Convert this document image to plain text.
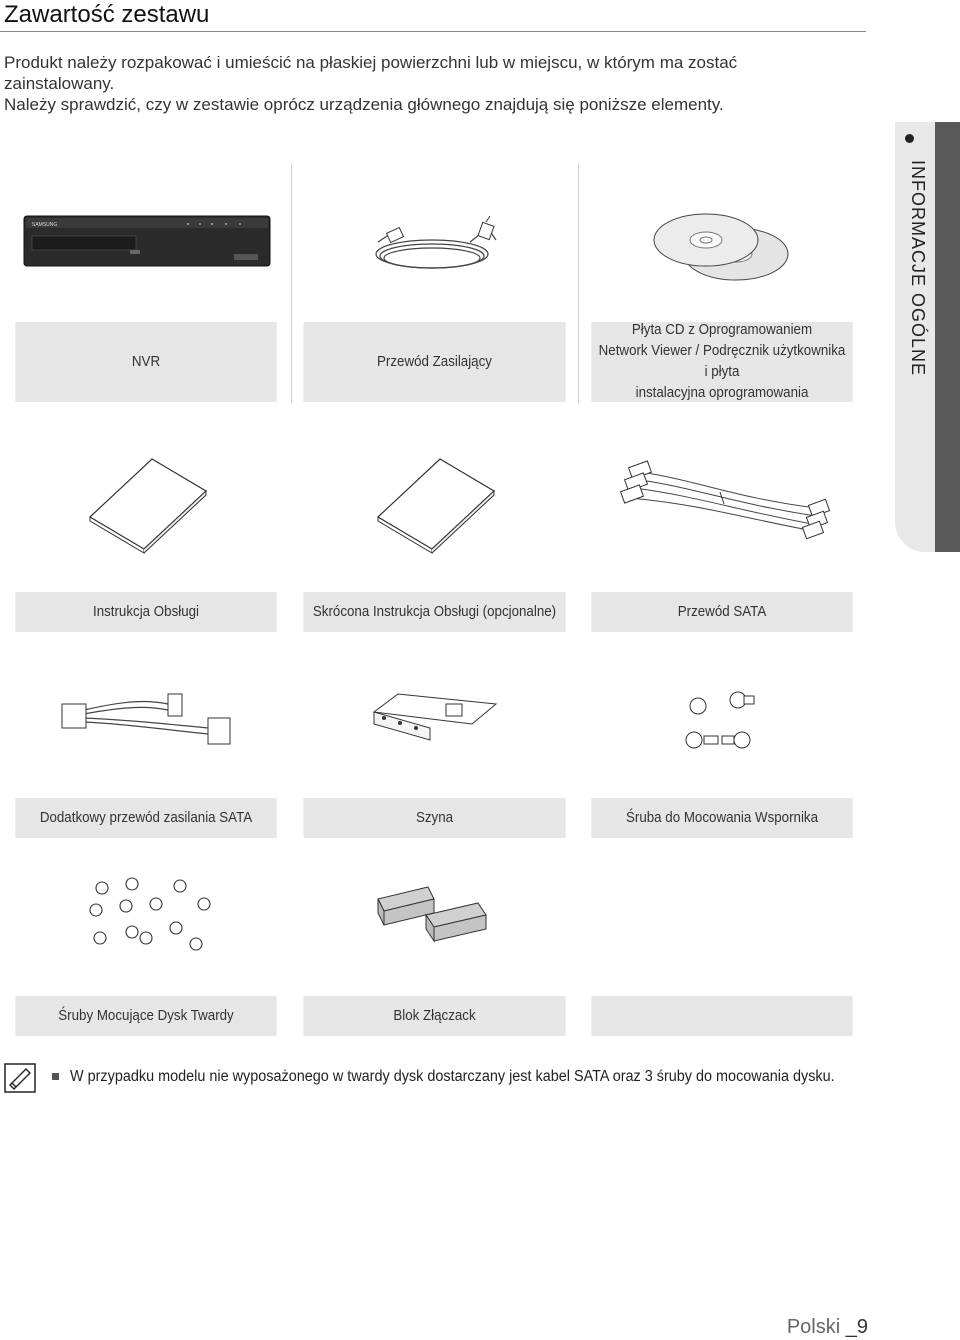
Zawartość zestawu

Produkt należy rozpakować i umieścić na płaskiej powierzchni lub w miejscu, w którym ma zostać zainstalowany.
Należy sprawdzić, czy w zestawie oprócz urządzenia głównego znajdują się poniższe elementy.

SAMSUNG
NVR	Przewód Zasilający
Płyta CD z Oprogramowaniem
Network Viewer / Podręcznik użytkownika i płyta
instalacyjna oprogramowania
Instrukcja Obsługi	Skrócona Instrukcja Obsługi (opcjonalne)	Przewód SATA
Dodatkowy przewód zasilania SATA	Szyna	Śruba do Mocowania Wspornika
Śruby Mocujące Dysk Twardy	Blok Złączack
INFORMACJE OGÓLNE
W przypadku modelu nie wyposażonego w twardy dysk dostarczany jest kabel SATA oraz 3 śruby do mocowania dysku.
Polski _9
